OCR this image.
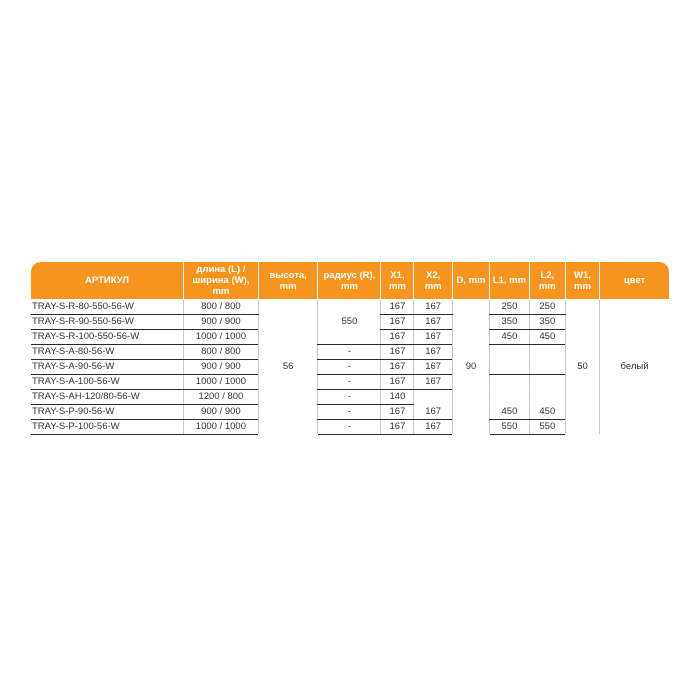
АРТИКУЛ	длина (L) / ширина (W), mm	высота, mm	радиус (R), mm	X1, mm	X2, mm	D, mm	L1, mm	L2, mm	W1, mm	цвет
TRAY-S-R-80-550-56-W	800 / 800	56	550	167	167	90	250	250	50	белый
TRAY-S-R-90-550-56-W	900 / 900			167	167		350	350		
TRAY-S-R-100-550-56-W	1000 / 1000			167	167		450	450		
TRAY-S-A-80-56-W	800 / 800		-	167	167					
TRAY-S-A-90-56-W	900 / 900		-	167	167					
TRAY-S-A-100-56-W	1000 / 1000		-	167	167					
TRAY-S-AH-120/80-56-W	1200 / 800		-	140						
TRAY-S-P-90-56-W	900 / 900		-	167	167		450	450		
TRAY-S-P-100-56-W	1000 / 1000		-	167	167		550	550		
